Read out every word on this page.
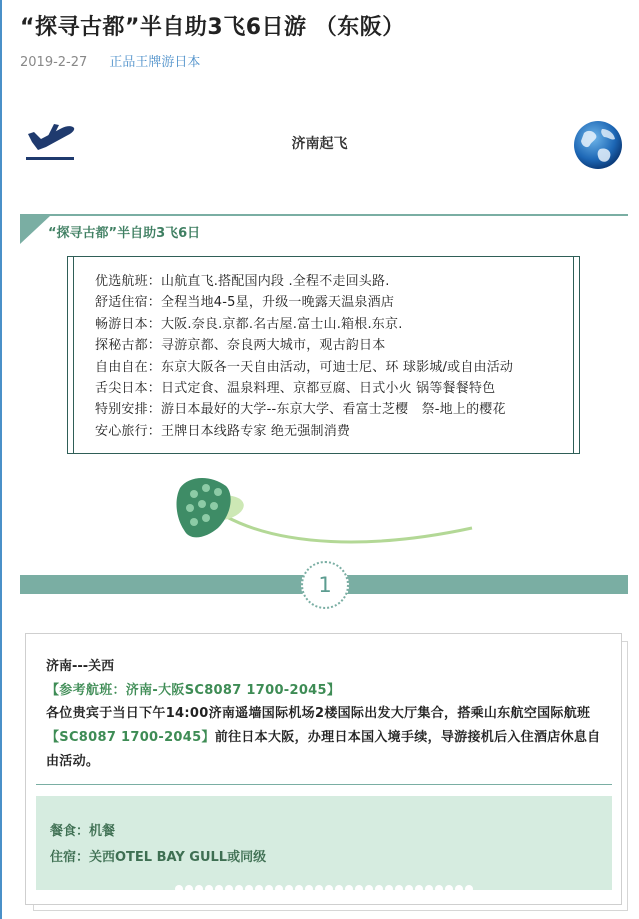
“探寻古都”半自助3飞6日游 （东阪）
2019-2-27 正品王牌游日本
济南起飞
“探寻古都”半自助3飞6日
优选航班：山航直飞.搭配国内段 .全程不走回头路.
舒适住宿：全程当地4-5星，升级一晚露天温泉酒店
畅游日本：大阪.奈良.京都.名古屋.富士山.箱根.东京.
探秘古都：寻游京都、奈良两大城市，观古韵日本
自由自在：东京大阪各一天自由活动，可迪士尼、环 球影城/或自由活动
舌尖日本：日式定食、温泉料理、京都豆腐、日式小火 锅等餐餐特色
特别安排：游日本最好的大学--东京大学、看富士芝樱　祭-地上的樱花
安心旅行：王牌日本线路专家 绝无强制消费
1
济南---关西
【参考航班：济南-大阪SC8087 1700-2045】
各位贵宾于当日下午14:00济南遥墙国际机场2楼国际出发大厅集合，搭乘山东航空国际航班【SC8087 1700-2045】前往日本大阪，办理日本国入境手续，导游接机后入住酒店休息自由活动。
餐食：机餐
住宿：关西OTEL BAY GULL或同级
